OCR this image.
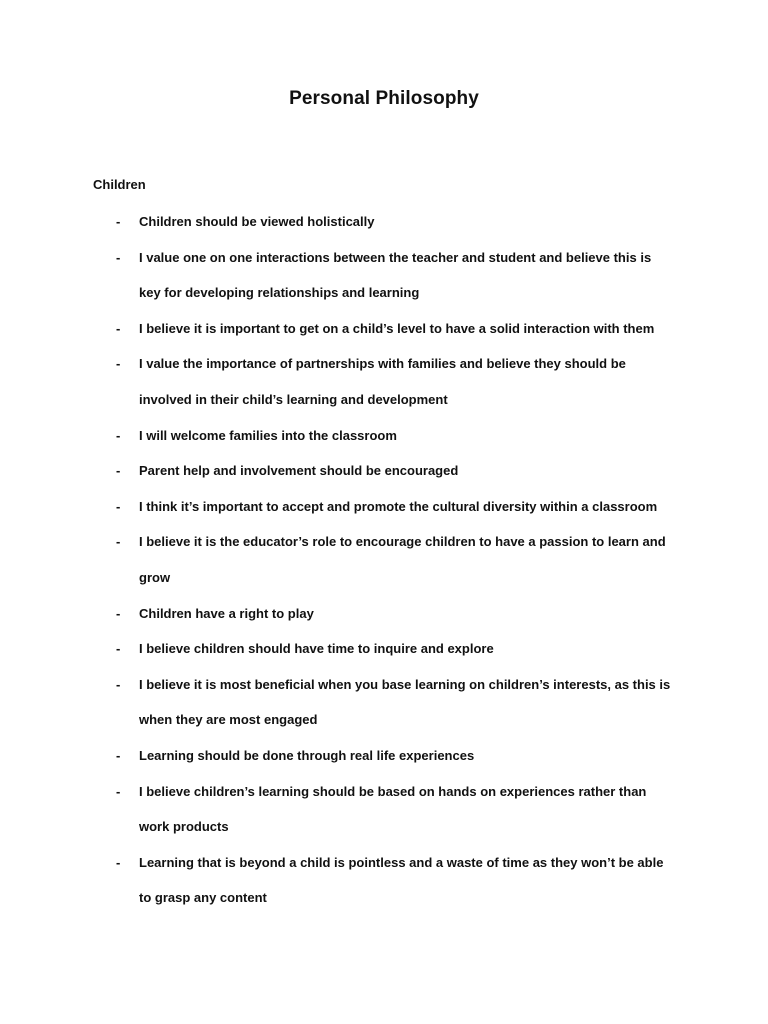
Personal Philosophy
Children
- Children should be viewed holistically
- I value one on one interactions between the teacher and student and believe this is
key for developing relationships and learning
- I believe it is important to get on a child’s level to have a solid interaction with them
- I value the importance of partnerships with families and believe they should be
involved in their child’s learning and development
- I will welcome families into the classroom
- Parent help and involvement should be encouraged
- I think it’s important to accept and promote the cultural diversity within a classroom
- I believe it is the educator’s role to encourage children to have a passion to learn and
grow
- Children have a right to play
- I believe children should have time to inquire and explore
- I believe it is most beneficial when you base learning on children’s interests, as this is
when they are most engaged
- Learning should be done through real life experiences
- I believe children’s learning should be based on hands on experiences rather than
work products
- Learning that is beyond a child is pointless and a waste of time as they won’t be able
to grasp any content
